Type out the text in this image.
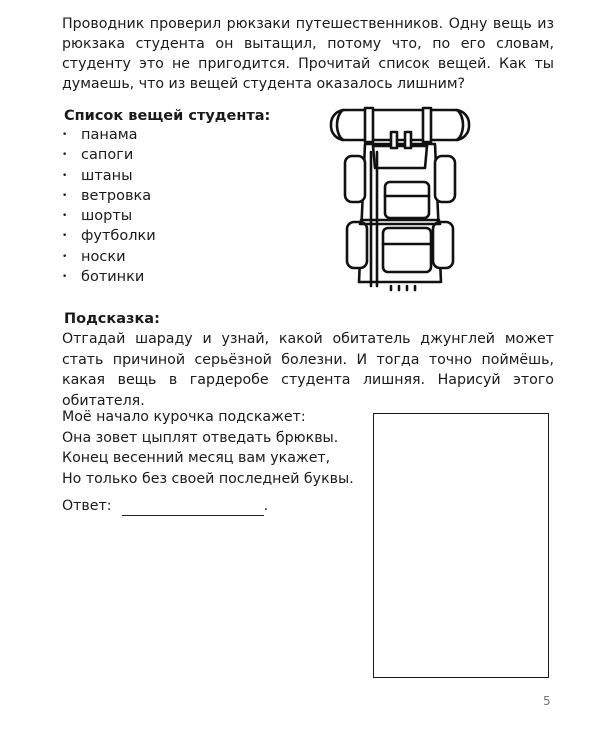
Проводник проверил рюкзаки путешественников. Одну вещь из рюкзака студента он вытащил, потому что, по его словам, студенту это не пригодится. Прочитай список вещей. Как ты думаешь, что из вещей студента оказалось лишним?
Список вещей студента:
• панама
• сапоги
• штаны
• ветровка
• шорты
• футболки
• носки
• ботинки
Подсказка:
Отгадай шараду и узнай, какой обитатель джунглей может стать причиной серьёзной болезни. И тогда точно поймёшь, какая вещь в гардеробе студента лишняя. Нарисуй этого обитателя.
Моё начало курочка подскажет:
Она зовет цыплят отведать брюквы.
Конец весенний месяц вам укажет,
Но только без своей последней буквы.
Ответ:	.
5
